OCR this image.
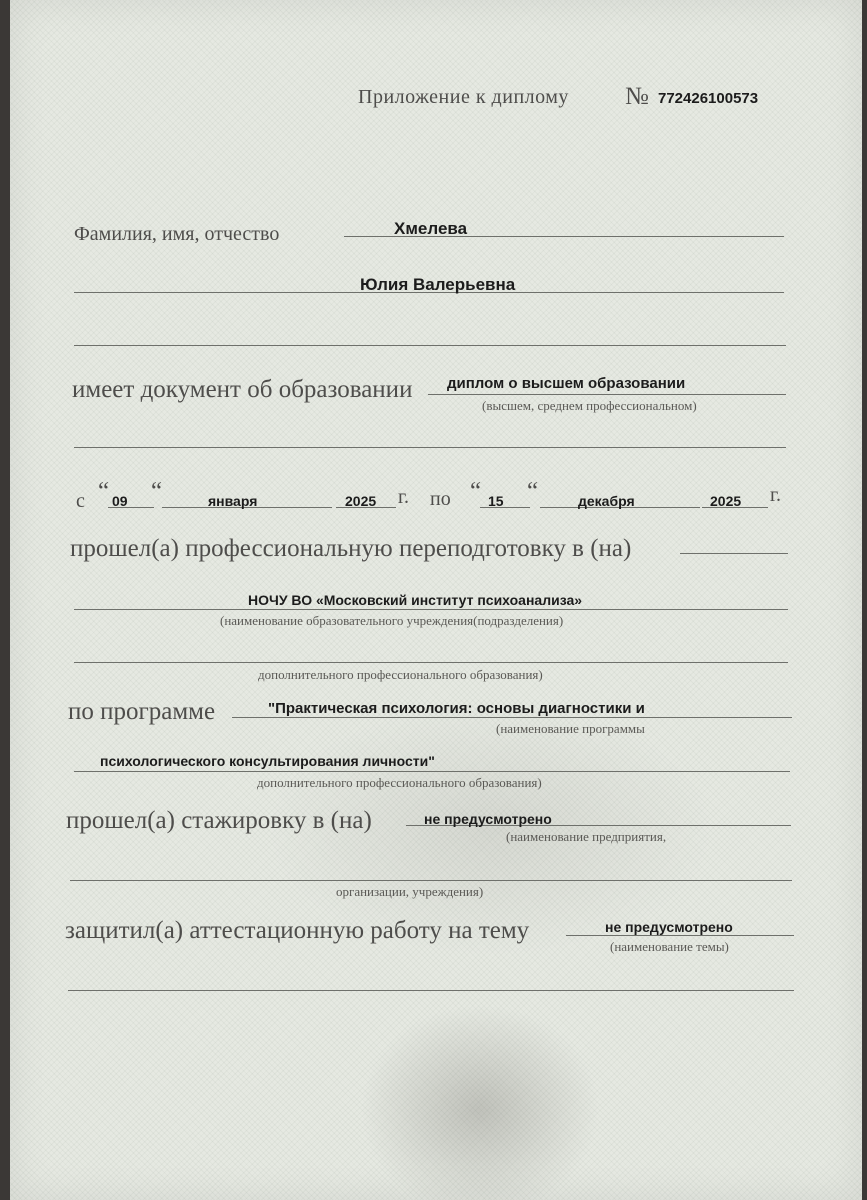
Приложение к диплому № 772426100573
Фамилия, имя, отчество	Хмелева
Юлия Валерьевна
имеет документ об образовании диплом о высшем образовании
(высшем, среднем профессиональном)
с “ 09 “	января	2025 г. по “ 15 “	декабря	2025 г.
прошел(а) профессиональную переподготовку в (на)
НОЧУ ВО «Московский институт психоанализа»
(наименование образовательного учреждения(подразделения)
дополнительного профессионального образования)
по программе	"Практическая психология: основы диагностики и
(наименование программы
психологического консультирования личности"
дополнительного профессионального образования)
прошел(а) стажировку в (на)	не предусмотрено
(наименование предприятия,
организации, учреждения)
защитил(а) аттестационную работу на тему	не предусмотрено
(наименование темы)
